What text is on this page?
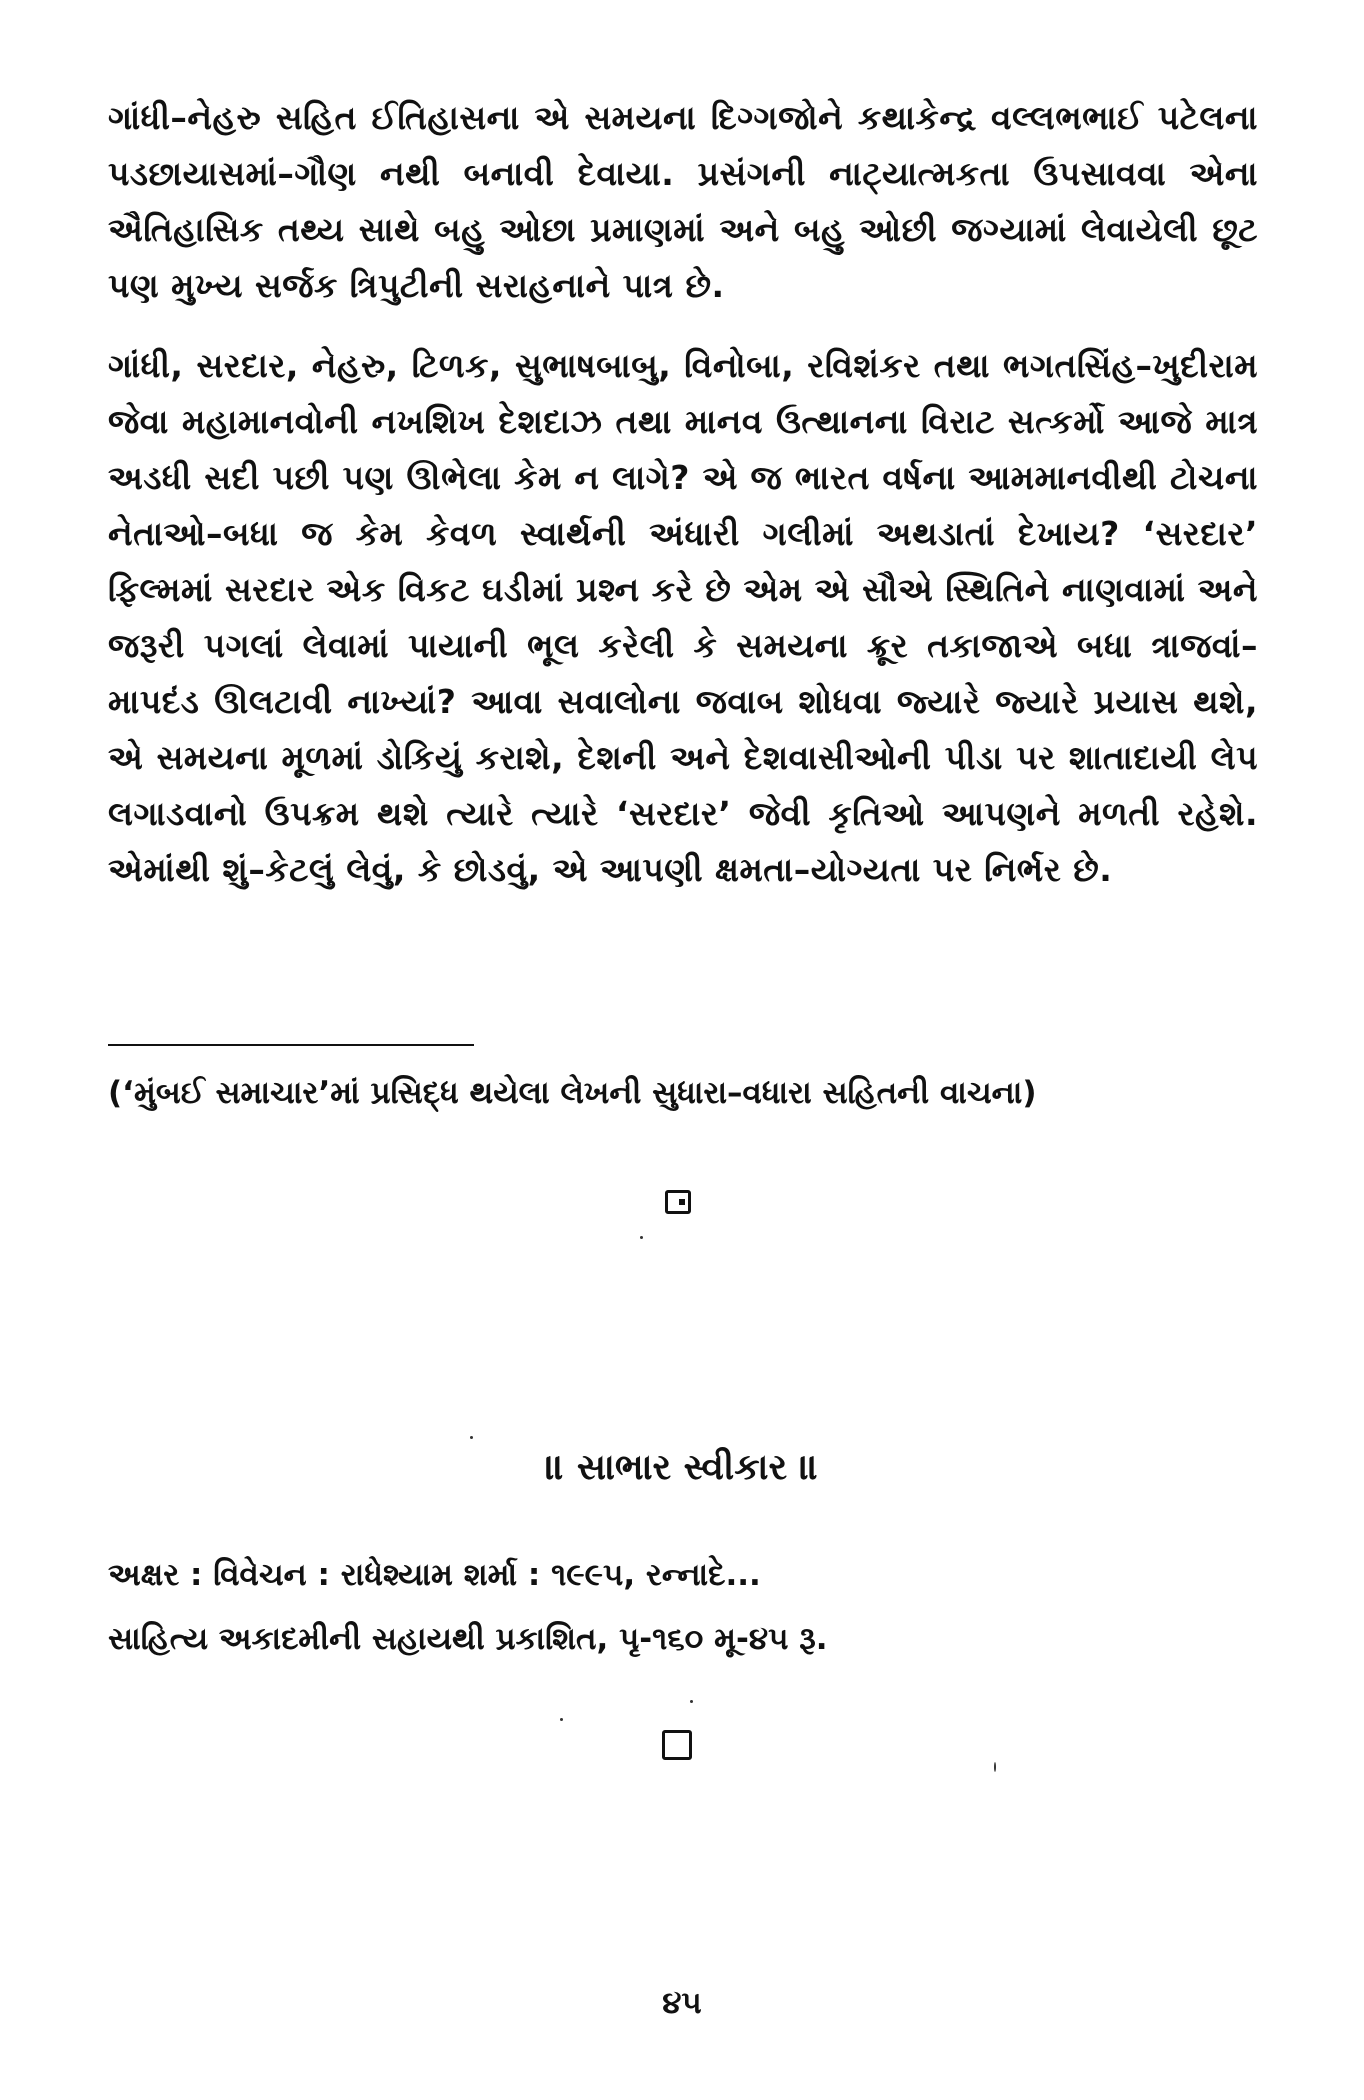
ગાંધી–નેહરુ સહિત ઈતિહાસના એ સમયના દિગ્ગજોને કથાકેન્દ્ર વલ્લભભાઈ પટેલના પડછાયાસમાં–ગૌણ નથી બનાવી દેવાયા. પ્રસંગની નાટ્યાત્મકતા ઉપસાવવા એના ઐતિહાસિક તથ્ય સાથે બહુ ઓછા પ્રમાણમાં અને બહુ ઓછી જગ્યામાં લેવાયેલી છૂટ પણ મુખ્ય સર્જક ત્રિપુટીની સરાહનાને પાત્ર છે.

ગાંધી, સરદાર, નેહરુ, ટિળક, સુભાષબાબુ, વિનોબા, રવિશંકર તથા ભગતસિંહ–ખુદીરામ જેવા મહામાનવોની નખશિખ દેશદાઝ તથા માનવ ઉત્થાનના વિરાટ સત્કર્મો આજે માત્ર અડધી સદી પછી પણ ઊભેલા કેમ ન લાગે? એ જ ભારત વર્ષના આમમાનવીથી ટોચના નેતાઓ–બધા જ કેમ કેવળ સ્વાર્થની અંધારી ગલીમાં અથડાતાં દેખાય? ‘સરદાર’ ફિલ્મમાં સરદાર એક વિકટ ઘડીમાં પ્રશ્ન કરે છે એમ એ સૌએ સ્થિતિને નાણવામાં અને જરૂરી પગલાં લેવામાં પાયાની ભૂલ કરેલી કે સમયના ક્રૂર તકાજાએ બધા ત્રાજવાં–માપદંડ ઊલટાવી નાખ્યાં? આવા સવાલોના જવાબ શોધવા જ્યારે જ્યારે પ્રયાસ થશે, એ સમયના મૂળમાં ડોકિયું કરાશે, દેશની અને દેશવાસીઓની પીડા પર શાતાદાયી લેપ લગાડવાનો ઉપક્રમ થશે ત્યારે ત્યારે ‘સરદાર’ જેવી કૃતિઓ આપણને મળતી રહેશે. એમાંથી શું–કેટલું લેવું, કે છોડવું, એ આપણી ક્ષમતા–યોગ્યતા પર નિર્ભર છે.

(‘મુંબઈ સમાચાર’માં પ્રસિદ્ધ થયેલા લેખની સુધારા–વધારા સહિતની વાચના)
॥ સાભાર સ્વીકાર ॥
અક્ષર : વિવેચન : રાધેશ્યામ શર્મા : ૧૯૯૫, રન્નાદે...
સાહિત્ય અકાદમીની સહાયથી પ્રકાશિત, પૃ-૧૬૦ મૂ-૪૫ રૂ.
૪૫
